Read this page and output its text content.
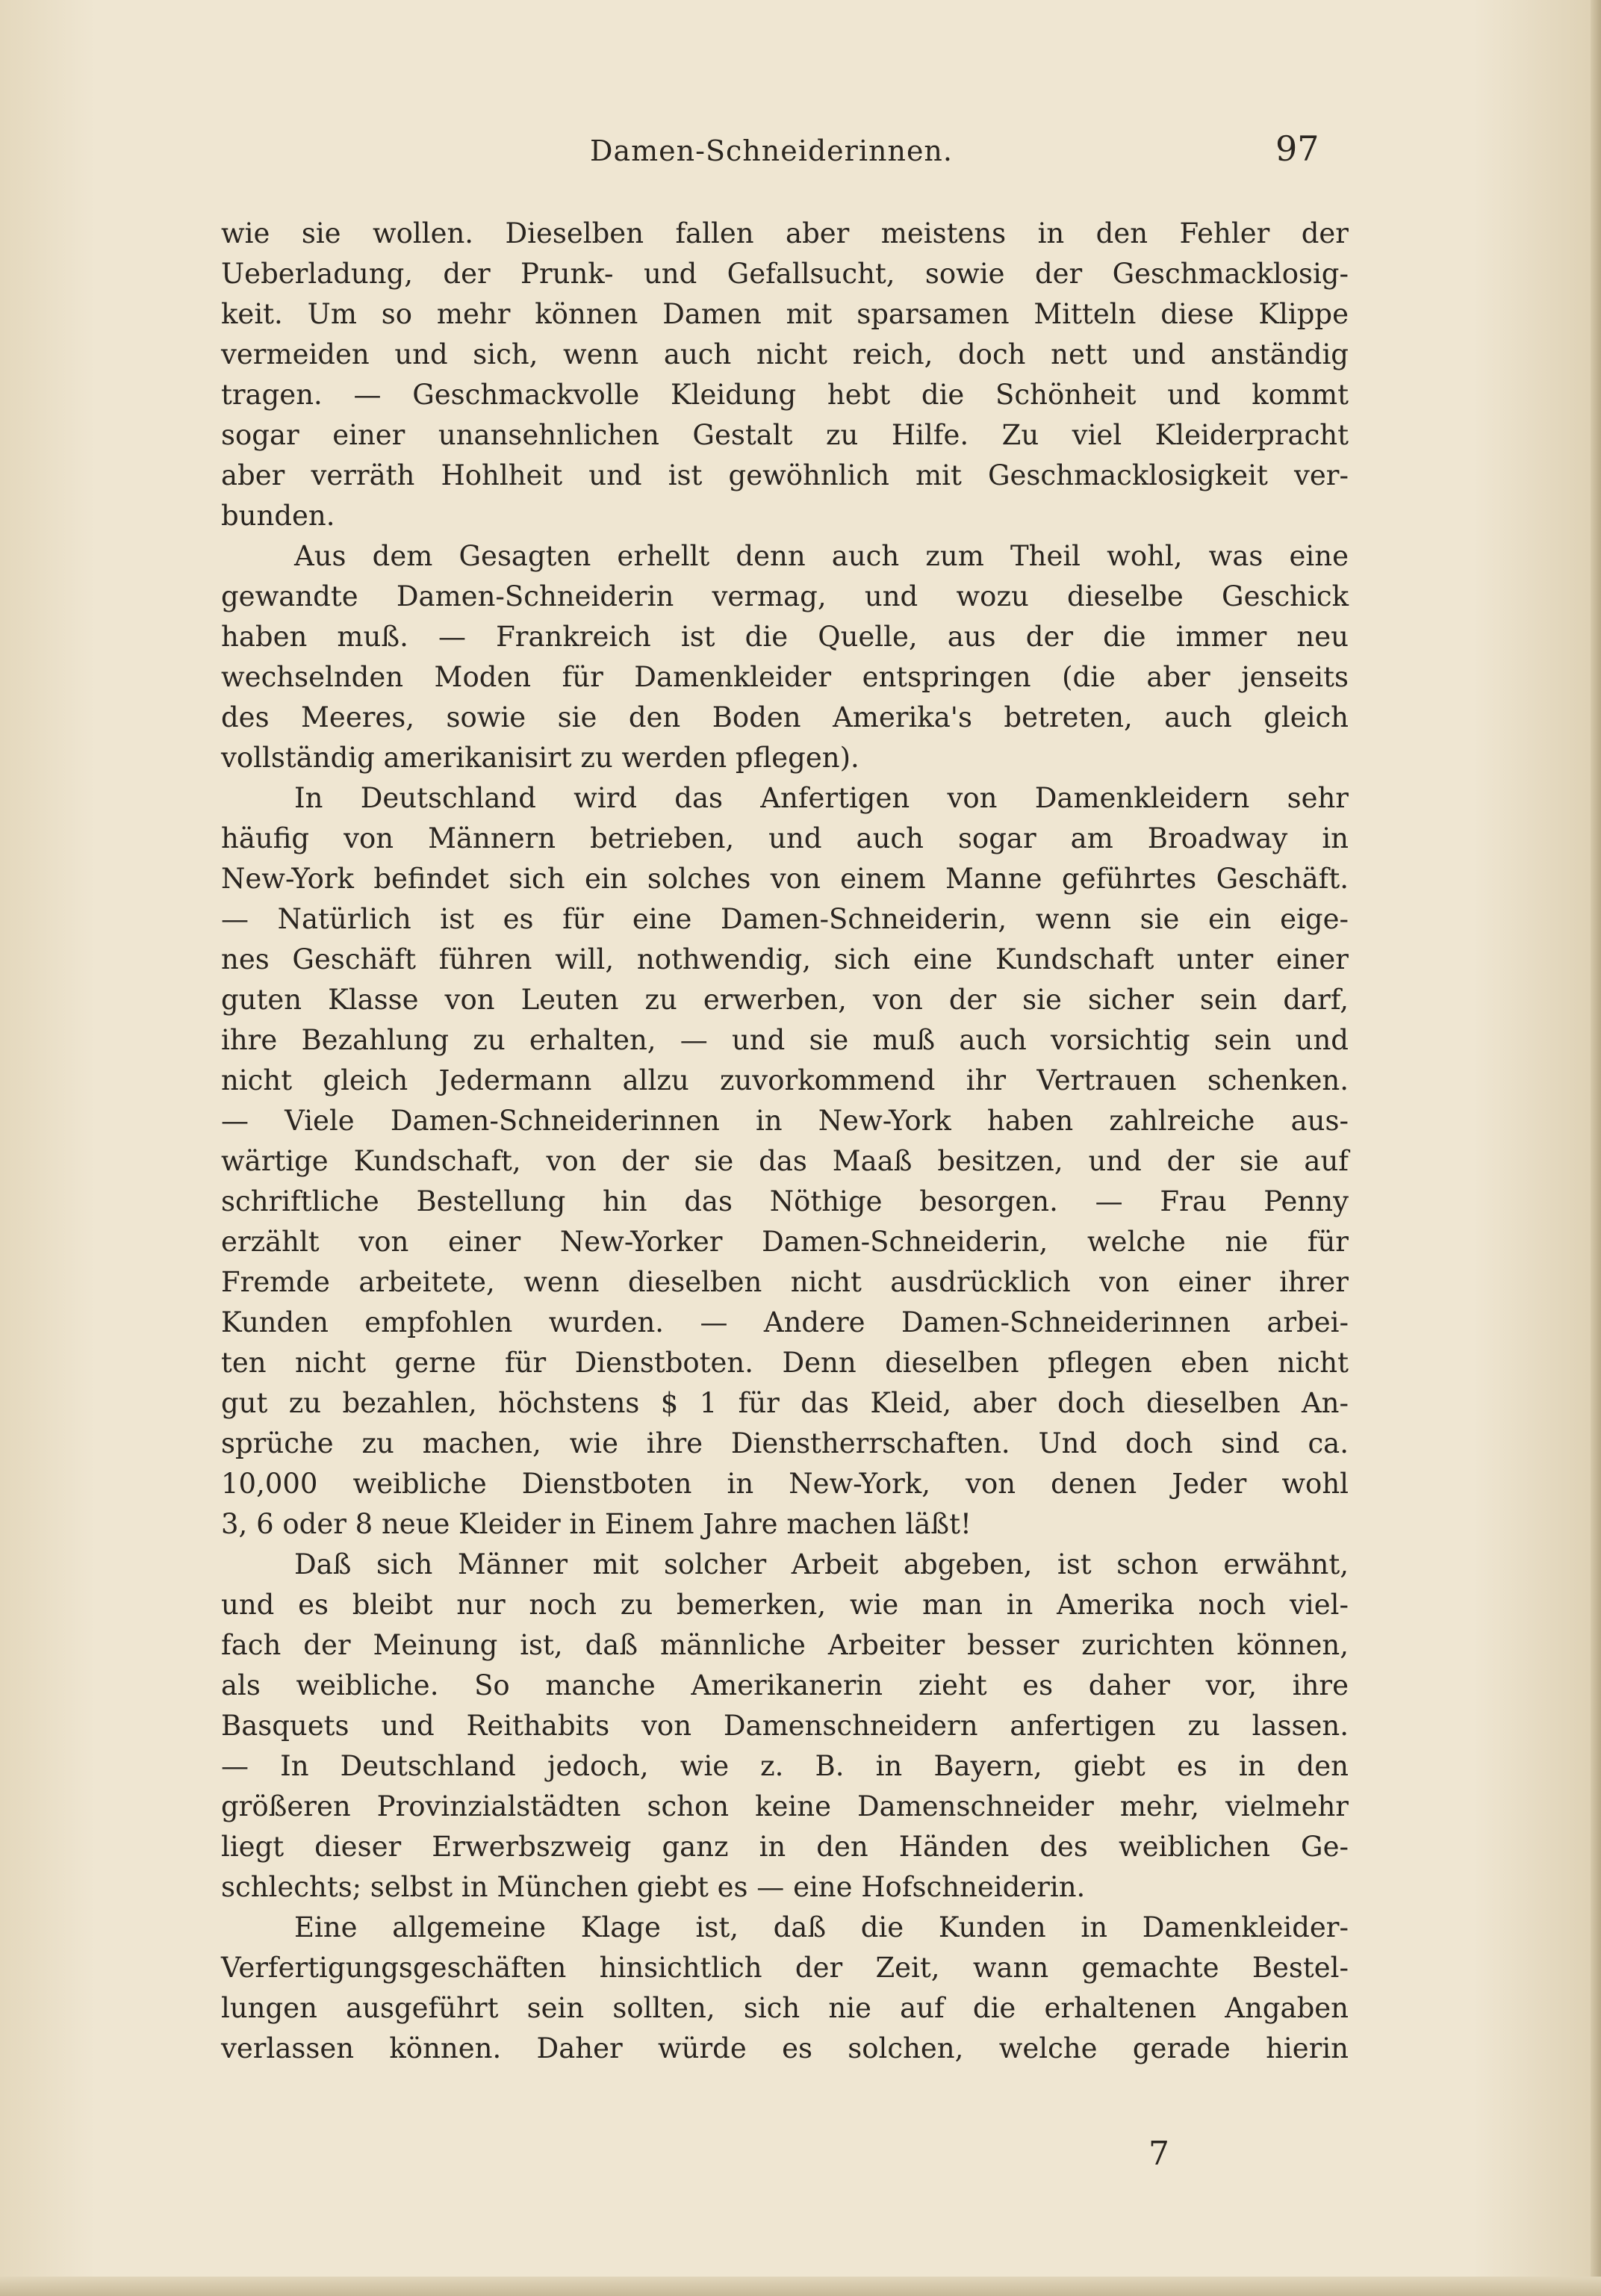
Damen-Schneiderinnen.	97
wie sie wollen. Dieselben fallen aber meistens in den Fehler der
Ueberladung, der Prunk- und Gefallsucht, sowie der Geschmacklosig-
keit. Um so mehr können Damen mit sparsamen Mitteln diese Klippe
vermeiden und sich, wenn auch nicht reich, doch nett und anständig
tragen. — Geschmackvolle Kleidung hebt die Schönheit und kommt
sogar einer unansehnlichen Gestalt zu Hilfe. Zu viel Kleiderpracht
aber verräth Hohlheit und ist gewöhnlich mit Geschmacklosigkeit ver-
bunden.
Aus dem Gesagten erhellt denn auch zum Theil wohl, was eine
gewandte Damen-Schneiderin vermag, und wozu dieselbe Geschick
haben muß. — Frankreich ist die Quelle, aus der die immer neu
wechselnden Moden für Damenkleider entspringen (die aber jenseits
des Meeres, sowie sie den Boden Amerika's betreten, auch gleich
vollständig amerikanisirt zu werden pflegen).
In Deutschland wird das Anfertigen von Damenkleidern sehr
häufig von Männern betrieben, und auch sogar am Broadway in
New-York befindet sich ein solches von einem Manne geführtes Geschäft.
— Natürlich ist es für eine Damen-Schneiderin, wenn sie ein eige-
nes Geschäft führen will, nothwendig, sich eine Kundschaft unter einer
guten Klasse von Leuten zu erwerben, von der sie sicher sein darf,
ihre Bezahlung zu erhalten, — und sie muß auch vorsichtig sein und
nicht gleich Jedermann allzu zuvorkommend ihr Vertrauen schenken.
— Viele Damen-Schneiderinnen in New-York haben zahlreiche aus-
wärtige Kundschaft, von der sie das Maaß besitzen, und der sie auf
schriftliche Bestellung hin das Nöthige besorgen. — Frau Penny
erzählt von einer New-Yorker Damen-Schneiderin, welche nie für
Fremde arbeitete, wenn dieselben nicht ausdrücklich von einer ihrer
Kunden empfohlen wurden. — Andere Damen-Schneiderinnen arbei-
ten nicht gerne für Dienstboten. Denn dieselben pflegen eben nicht
gut zu bezahlen, höchstens $ 1 für das Kleid, aber doch dieselben An-
sprüche zu machen, wie ihre Dienstherrschaften. Und doch sind ca.
10,000 weibliche Dienstboten in New-York, von denen Jeder wohl
3, 6 oder 8 neue Kleider in Einem Jahre machen läßt!
Daß sich Männer mit solcher Arbeit abgeben, ist schon erwähnt,
und es bleibt nur noch zu bemerken, wie man in Amerika noch viel-
fach der Meinung ist, daß männliche Arbeiter besser zurichten können,
als weibliche. So manche Amerikanerin zieht es daher vor, ihre
Basquets und Reithabits von Damenschneidern anfertigen zu lassen.
— In Deutschland jedoch, wie z. B. in Bayern, giebt es in den
größeren Provinzialstädten schon keine Damenschneider mehr, vielmehr
liegt dieser Erwerbszweig ganz in den Händen des weiblichen Ge-
schlechts; selbst in München giebt es — eine Hofschneiderin.
Eine allgemeine Klage ist, daß die Kunden in Damenkleider-
Verfertigungsgeschäften hinsichtlich der Zeit, wann gemachte Bestel-
lungen ausgeführt sein sollten, sich nie auf die erhaltenen Angaben
verlassen können. Daher würde es solchen, welche gerade hierin
7
